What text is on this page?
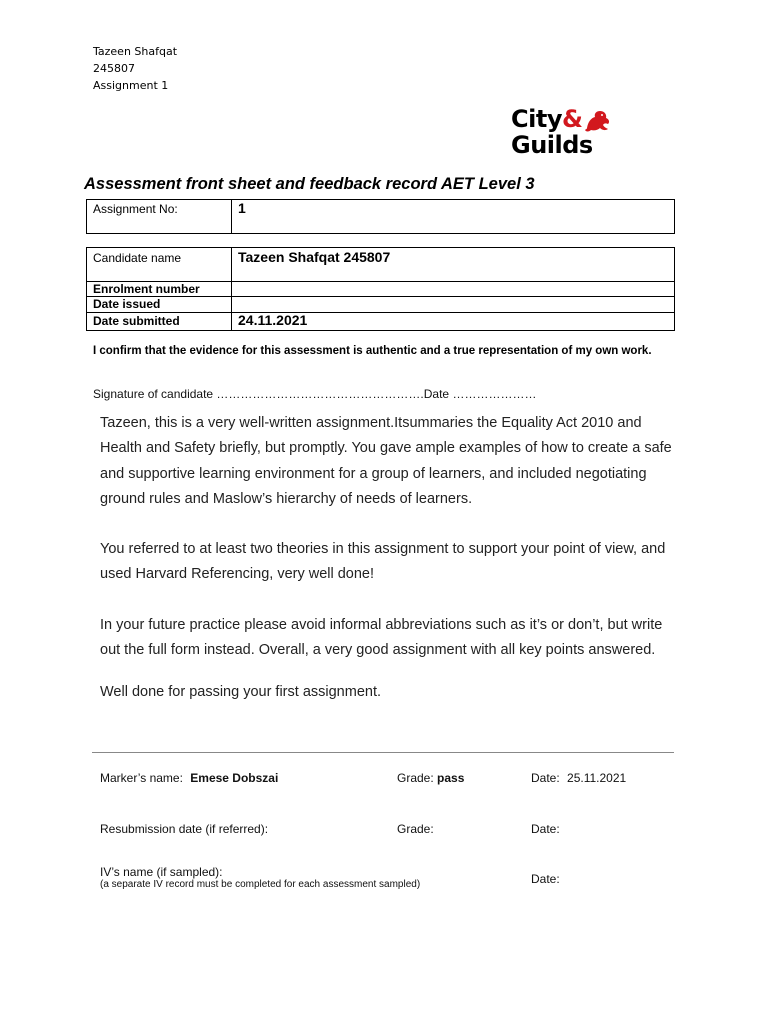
Tazeen Shafqat
245807
Assignment 1
City&
Guilds
Assessment front sheet and feedback record AET Level 3
Assignment No:	1
Candidate name	Tazeen Shafqat 245807
Enrolment number	
Date issued	
Date submitted	24.11.2021
I confirm that the evidence for this assessment is authentic and a true representation of my own work.
Signature of candidate …………………………………………….Date …………………

Tazeen, this is a very well-written assignment.Itsummaries the Equality Act 2010 and Health and Safety briefly, but promptly. You gave ample examples of how to create a safe and supportive learning environment for a group of learners, and included negotiating ground rules and Maslow’s hierarchy of needs of learners.

You referred to at least two theories in this assignment to support your point of view, and used Harvard Referencing, very well done!

In your future practice please avoid informal abbreviations such as it’s or don’t, but write out the full form instead. Overall, a very good assignment with all key points answered.

Well done for passing your first assignment.

Marker’s name: Emese Dobszai	Grade: pass	Date: 25.11.2021
Resubmission date (if referred):	Grade:	Date:
IV’s name (if sampled):
(a separate IV record must be completed for each assessment sampled)	Date:
